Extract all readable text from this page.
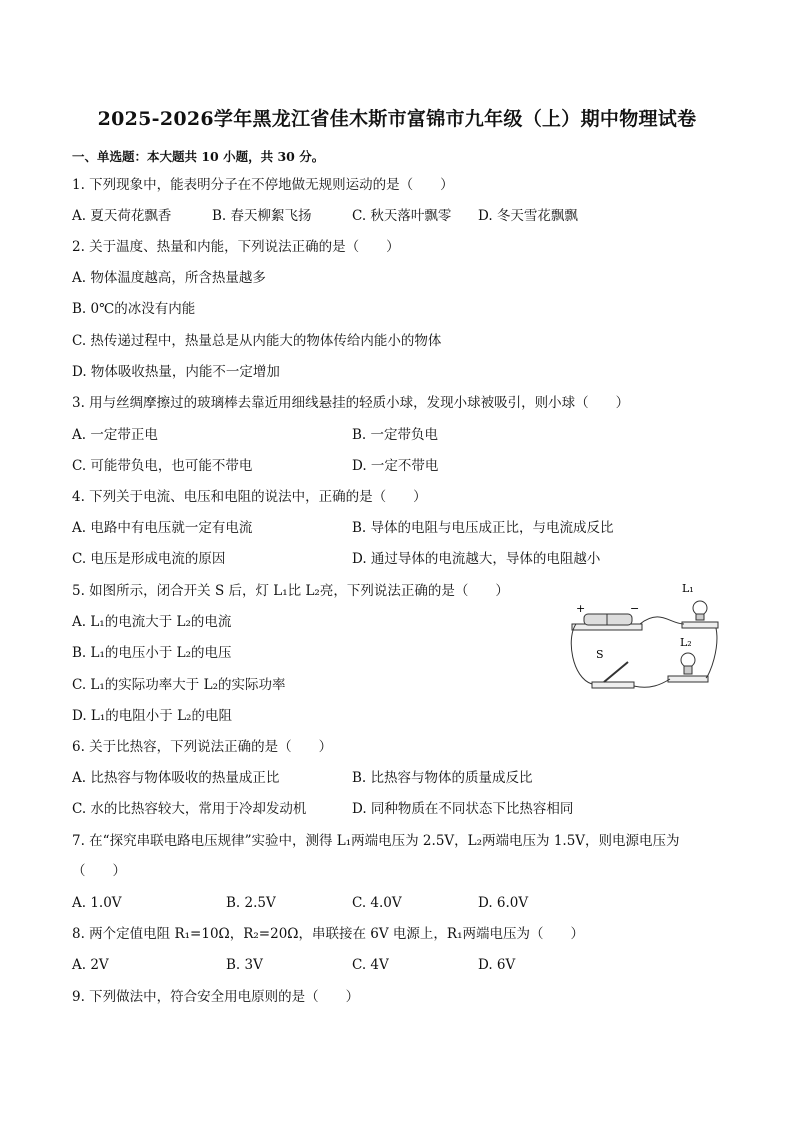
2025-2026学年黑龙江省佳木斯市富锦市九年级（上）期中物理试卷
一、单选题：本大题共 10 小题，共 30 分。
1. 下列现象中，能表明分子在不停地做无规则运动的是（　　）
A. 夏天荷花飘香	B. 春天柳絮飞扬	C. 秋天落叶飘零 D. 冬天雪花飘飘
2. 关于温度、热量和内能，下列说法正确的是（　　）
A. 物体温度越高，所含热量越多
B. 0℃的冰没有内能
C. 热传递过程中，热量总是从内能大的物体传给内能小的物体
D. 物体吸收热量，内能不一定增加
3. 用与丝绸摩擦过的玻璃棒去靠近用细线悬挂的轻质小球，发现小球被吸引，则小球（　　）
A. 一定带正电	B. 一定带负电
C. 可能带负电，也可能不带电	D. 一定不带电
4. 下列关于电流、电压和电阻的说法中，正确的是（　　）
A. 电路中有电压就一定有电流	B. 导体的电阻与电压成正比，与电流成反比
C. 电压是形成电流的原因	D. 通过导体的电流越大，导体的电阻越小
5. 如图所示，闭合开关 S 后，灯 L₁比 L₂亮，下列说法正确的是（　　）
A. L₁的电流大于 L₂的电流
B. L₁的电压小于 L₂的电压
C. L₁的实际功率大于 L₂的实际功率
D. L₁的电阻小于 L₂的电阻
+	−
S
L₁
L₂
6. 关于比热容，下列说法正确的是（　　）
A. 比热容与物体吸收的热量成正比	B. 比热容与物体的质量成反比
C. 水的比热容较大，常用于冷却发动机	D. 同种物质在不同状态下比热容相同
7. 在“探究串联电路电压规律”实验中，测得 L₁两端电压为 2.5V，L₂两端电压为 1.5V，则电源电压为
（　　）
A. 1.0V	B. 2.5V	C. 4.0V	D. 6.0V
8. 两个定值电阻 R₁=10Ω，R₂=20Ω，串联接在 6V 电源上，R₁两端电压为（　　）
A. 2V	B. 3V	C. 4V	D. 6V
9. 下列做法中，符合安全用电原则的是（　　）
